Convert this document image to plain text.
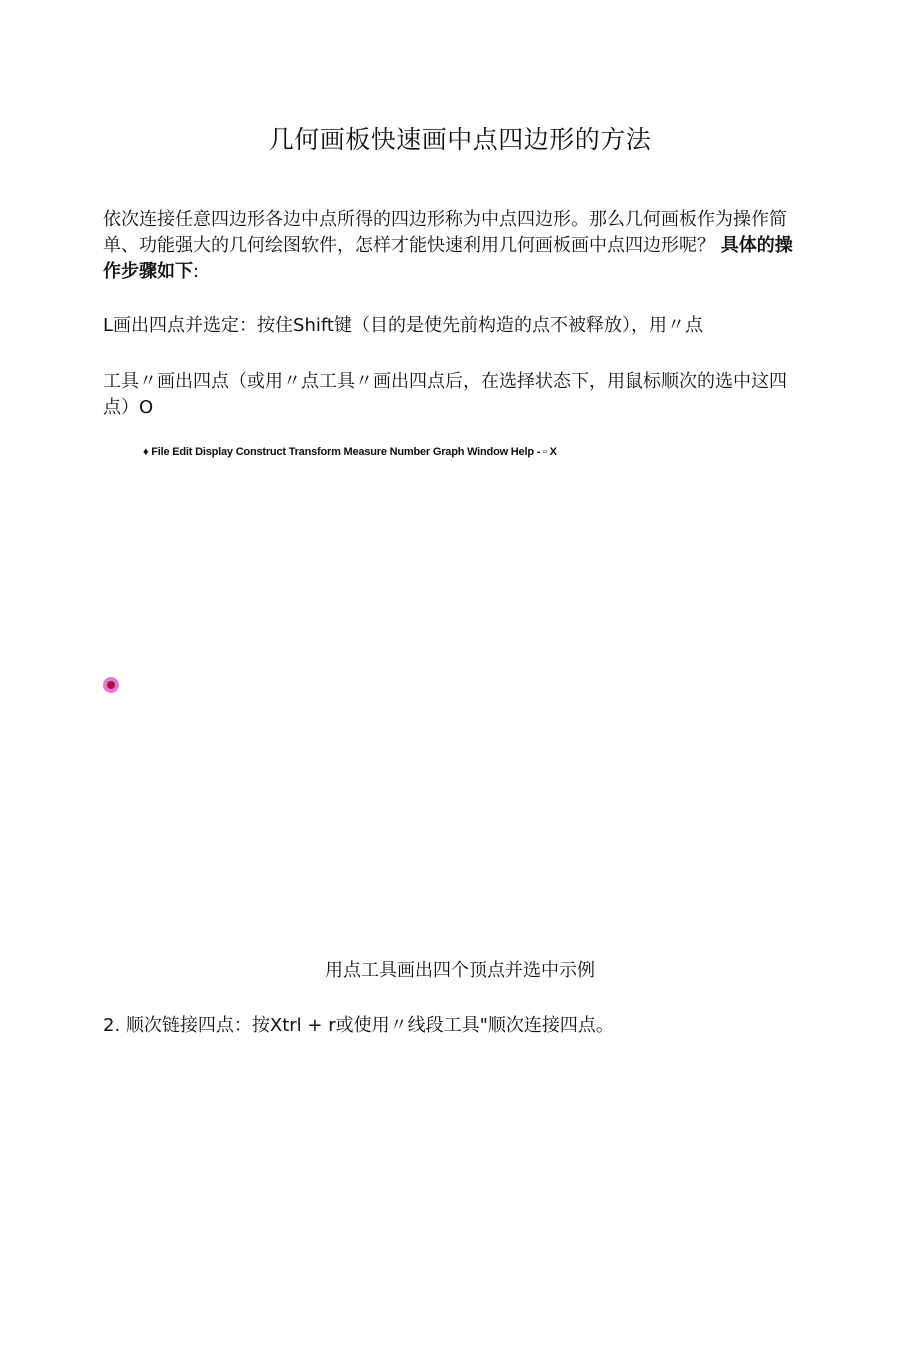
几何画板快速画中点四边形的方法

依次连接任意四边形各边中点所得的四边形称为中点四边形。那么几何画板作为操作简单、功能强大的几何绘图软件，怎样才能快速利用几何画板画中点四边形呢？ 具体的操作步骤如下:

L画出四点并选定：按住Shift键（目的是使先前构造的点不被释放），用〃点

工具〃画出四点（或用〃点工具〃画出四点后，在选择状态下，用鼠标顺次的选中这四点）O

♦ File Edit Display Construct Transform Measure Number Graph Window Help - ▫ X

用点工具画出四个顶点并选中示例

2. 顺次链接四点：按Xtrl + r或使用〃线段工具"顺次连接四点。
